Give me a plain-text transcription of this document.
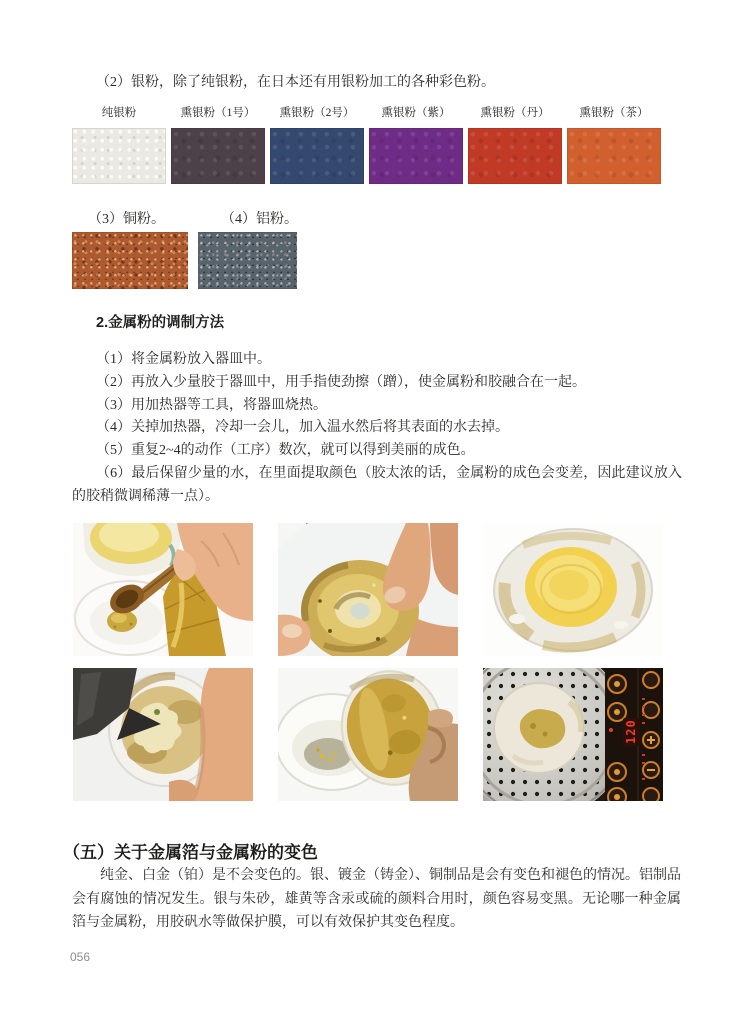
（2）银粉，除了纯银粉，在日本还有用银粉加工的各种彩色粉。

纯银粉	熏银粉（1号） 熏银粉（2号） 熏银粉（紫）	熏银粉（丹）	熏银粉（茶）
（3）铜粉。	（4）铝粉。
2.金属粉的调制方法

（1）将金属粉放入器皿中。

（2）再放入少量胶于器皿中，用手指使劲擦（蹭），使金属粉和胶融合在一起。

（3）用加热器等工具，将器皿烧热。

（4）关掉加热器，冷却一会儿，加入温水然后将其表面的水去掉。

（5）重复2~4的动作（工序）数次，就可以得到美丽的成色。

（6）最后保留少量的水，在里面提取颜色（胶太浓的话，金属粉的成色会变差，因此建议放入的胶稍微调稀薄一点）。

120
（五）关于金属箔与金属粉的变色

纯金、白金（铂）是不会变色的。银、镀金（铸金）、铜制品是会有变色和褪色的情况。铝制品会有腐蚀的情况发生。银与朱砂，雄黄等含汞或硫的颜料合用时，颜色容易变黑。无论哪一种金属箔与金属粉，用胶矾水等做保护膜，可以有效保护其变色程度。

056
